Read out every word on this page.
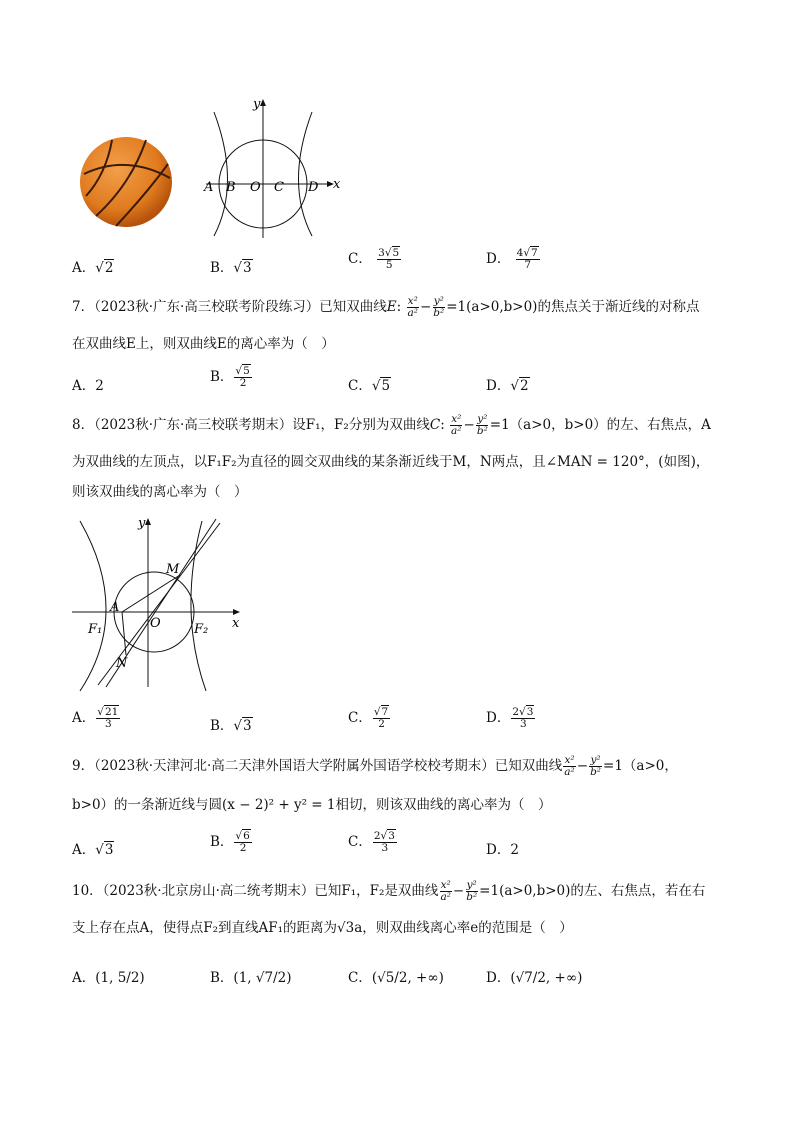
y
x
A B O C D
A．√2	B．√3
C． $\frac{3√5}{5}$	D． $\frac{4√7}{7}$
7．（2023秋·广东·高三校联考阶段练习）已知双曲线E: $\frac{\text{x²}}{\text{a²}} - \frac{\text{y²}}{\text{b²}} =1(a>0,b>0)$的焦点关于渐近线的对称点
在双曲线E上，则双曲线E的离心率为（　）
A．2
B． $\frac{√5}{2}$	C．√5	D．√2
8．（2023秋·广东·高三校联考期末）设F₁，F₂分别为双曲线C: $\frac{\text{x²}}{\text{a²}} - \frac{\text{y²}}{\text{b²}} =1(a>0$，b>0）的左、右焦点，A
为双曲线的左顶点，以F₁F₂为直径的圆交双曲线的某条渐近线于M，N两点，且∠MAN = 120°，(如图)，
则该双曲线的离心率为（　）
y
M
A
F₁	O	F₂ x
N
A． $\frac{√21}{3}$	B．√3	C． $\frac{√7}{2}$	D． $\frac{2√3}{3}$
9．（2023秋·天津河北·高二天津外国语大学附属外国语学校校考期末）已知双曲线 $\frac{\text{x²}}{\text{a²}} - \frac{\text{y²}}{\text{b²}} =1(a>0$，
b>0）的一条渐近线与圆(x − 2)² + y² = 1相切，则该双曲线的离心率为（　）
A．√3	B． $\frac{√6}{2}$	C． $\frac{2√3}{3}$	D．2
10．（2023秋·北京房山·高二统考期末）已知F₁，F₂是双曲线 $\frac{\text{x²}}{\text{a²}} - \frac{\text{y²}}{\text{b²}} =1(a>0,b>0)$的左、右焦点，若在右
支上存在点A，使得点F₂到直线AF₁的距离为√3a，则双曲线离心率e的范围是（　）
A．(1, 5/2)	B．(1, √7/2)	C．(√5/2, +∞)	D．(√7/2, +∞)
